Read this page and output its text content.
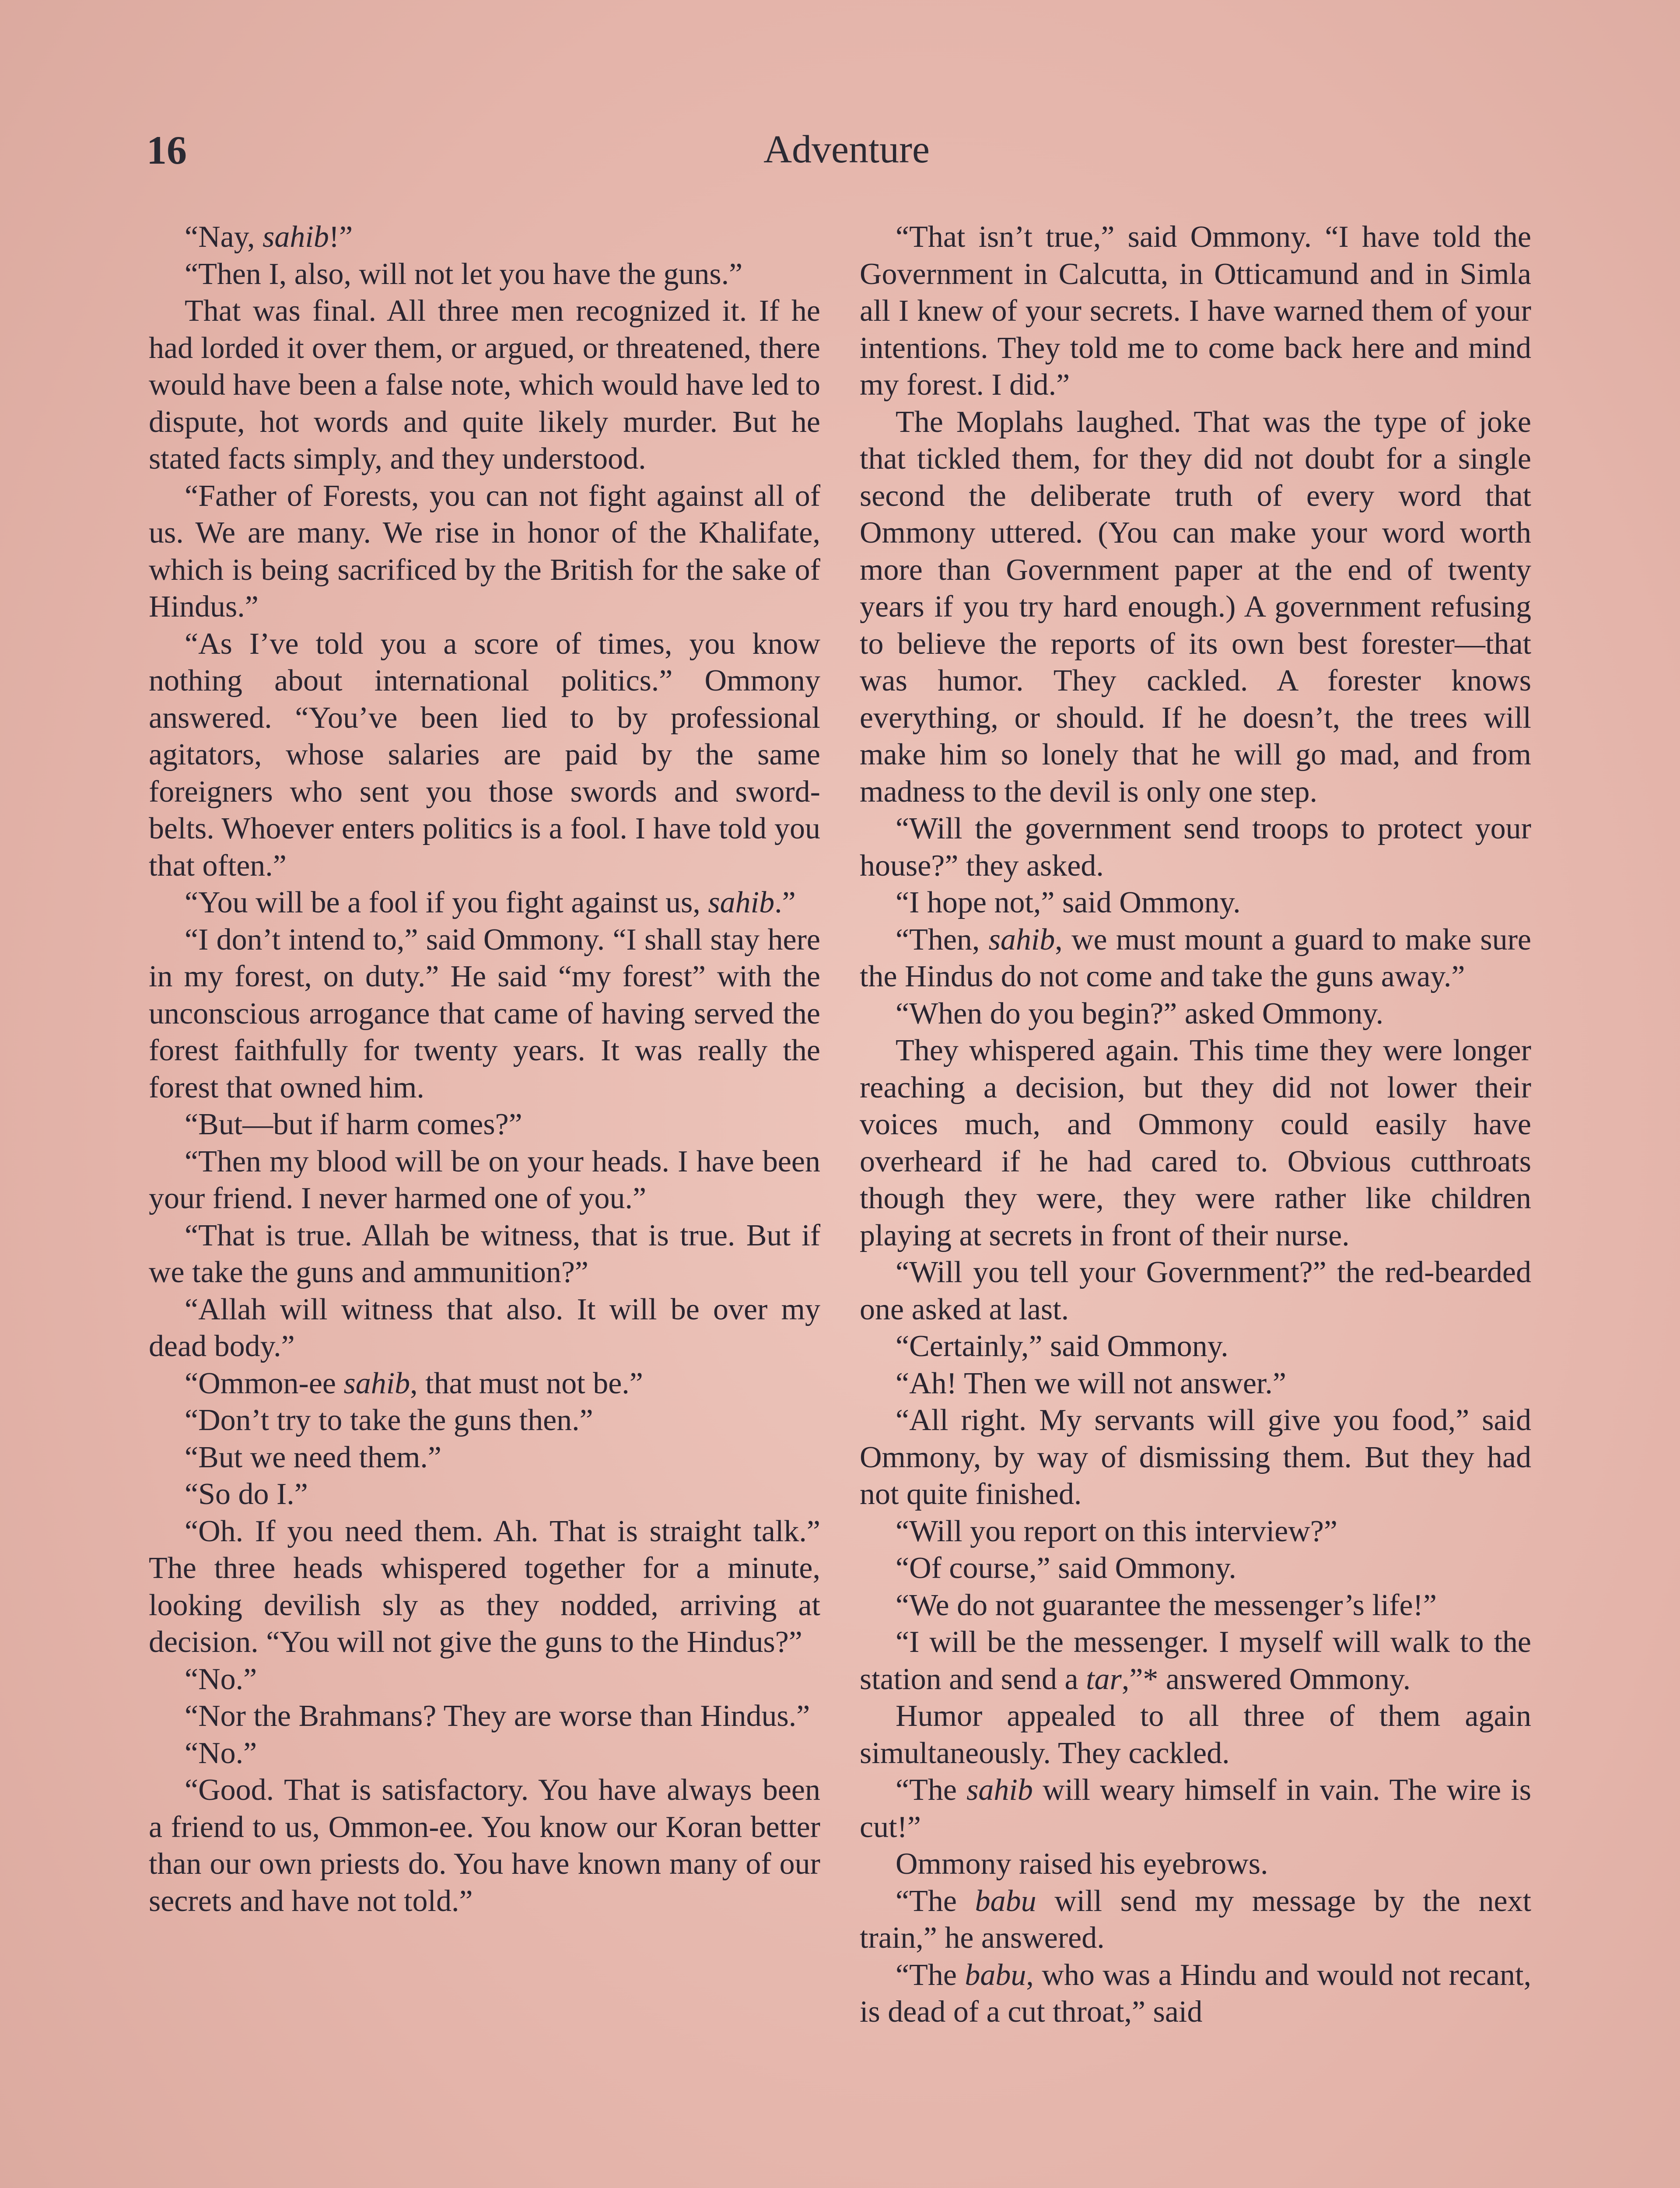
16	Adventure

“Nay, sahib!”

“Then I, also, will not let you have the guns.”

That was final. All three men recognized it. If he had lorded it over them, or argued, or threatened, there would have been a false note, which would have led to dispute, hot words and quite likely murder. But he stated facts simply, and they understood.

“Father of Forests, you can not fight against all of us. We are many. We rise in honor of the Khalifate, which is being sacrificed by the British for the sake of Hindus.”

“As I’ve told you a score of times, you know nothing about international politics.” Ommony answered. “You’ve been lied to by professional agitators, whose salaries are paid by the same foreigners who sent you those swords and sword-belts. Whoever enters politics is a fool. I have told you that often.”

“You will be a fool if you fight against us, sahib.”

“I don’t intend to,” said Ommony. “I shall stay here in my forest, on duty.” He said “my forest” with the unconscious arrogance that came of having served the forest faithfully for twenty years. It was really the forest that owned him.

“But—but if harm comes?”

“Then my blood will be on your heads. I have been your friend. I never harmed one of you.”

“That is true. Allah be witness, that is true. But if we take the guns and ammunition?”

“Allah will witness that also. It will be over my dead body.”

“Ommon-ee sahib, that must not be.”

“Don’t try to take the guns then.”

“But we need them.”

“So do I.”

“Oh. If you need them. Ah. That is straight talk.” The three heads whispered together for a minute, looking devilish sly as they nodded, arriving at decision. “You will not give the guns to the Hindus?”

“No.”

“Nor the Brahmans? They are worse than Hindus.”

“No.”

“Good. That is satisfactory. You have always been a friend to us, Ommon-ee. You know our Koran better than our own priests do. You have known many of our secrets and have not told.”

“That isn’t true,” said Ommony. “I have told the Government in Calcutta, in Otticamund and in Simla all I knew of your secrets. I have warned them of your intentions. They told me to come back here and mind my forest. I did.”

The Moplahs laughed. That was the type of joke that tickled them, for they did not doubt for a single second the deliberate truth of every word that Ommony uttered. (You can make your word worth more than Government paper at the end of twenty years if you try hard enough.) A government refusing to believe the reports of its own best forester—that was humor. They cackled. A forester knows everything, or should. If he doesn’t, the trees will make him so lonely that he will go mad, and from madness to the devil is only one step.

“Will the government send troops to protect your house?” they asked.

“I hope not,” said Ommony.

“Then, sahib, we must mount a guard to make sure the Hindus do not come and take the guns away.”

“When do you begin?” asked Ommony.

They whispered again. This time they were longer reaching a decision, but they did not lower their voices much, and Ommony could easily have overheard if he had cared to. Obvious cutthroats though they were, they were rather like children playing at secrets in front of their nurse.

“Will you tell your Government?” the red-bearded one asked at last.

“Certainly,” said Ommony.

“Ah! Then we will not answer.”

“All right. My servants will give you food,” said Ommony, by way of dismissing them. But they had not quite finished.

“Will you report on this interview?”

“Of course,” said Ommony.

“We do not guarantee the messenger’s life!”

“I will be the messenger. I myself will walk to the station and send a tar,”* answered Ommony.

Humor appealed to all three of them again simultaneously. They cackled.

“The sahib will weary himself in vain. The wire is cut!”

Ommony raised his eyebrows.

“The babu will send my message by the next train,” he answered.

“The babu, who was a Hindu and would not recant, is dead of a cut throat,” said
